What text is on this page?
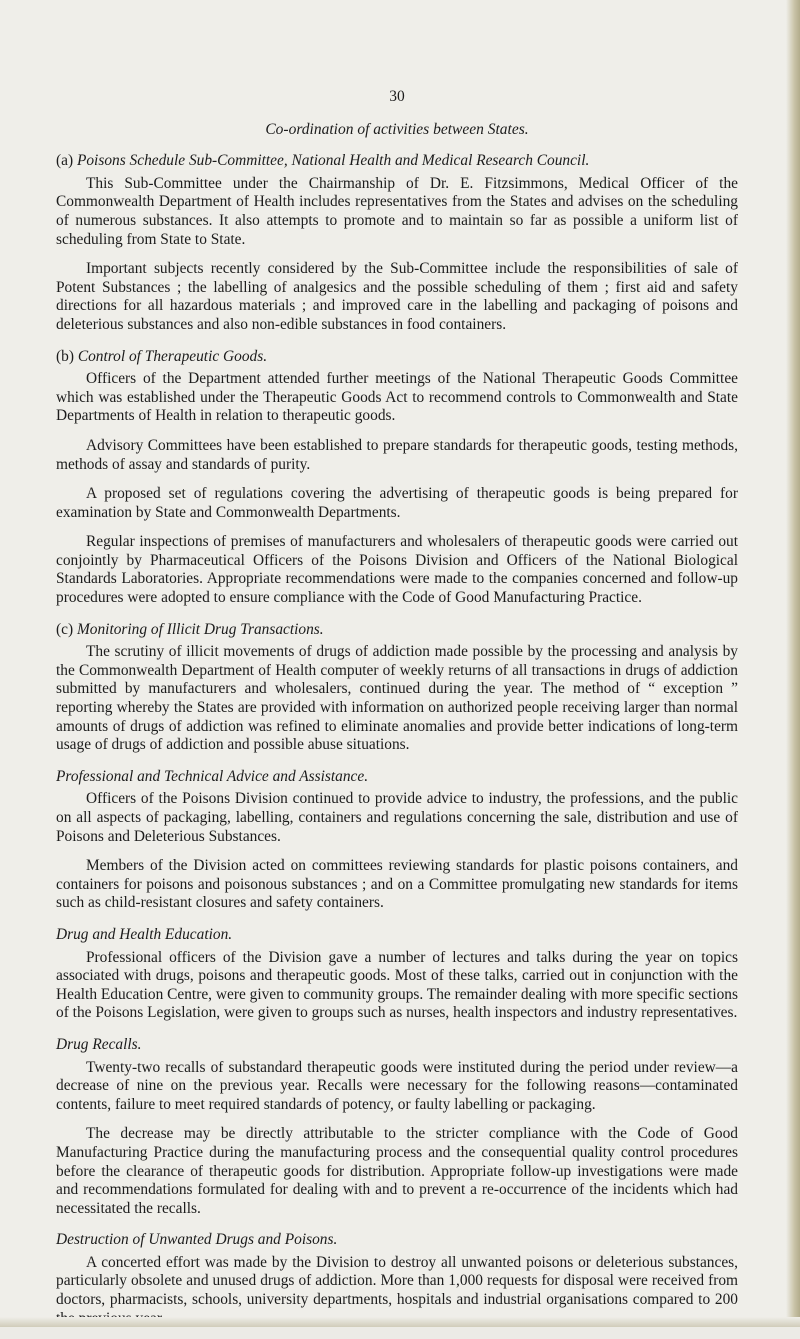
30
Co-ordination of activities between States.
(a) Poisons Schedule Sub-Committee, National Health and Medical Research Council.

This Sub-Committee under the Chairmanship of Dr. E. Fitzsimmons, Medical Officer of the Commonwealth Department of Health includes representatives from the States and advises on the scheduling of numerous substances. It also attempts to promote and to maintain so far as possible a uniform list of scheduling from State to State.

Important subjects recently considered by the Sub-Committee include the responsibilities of sale of Potent Substances ; the labelling of analgesics and the possible scheduling of them ; first aid and safety directions for all hazardous materials ; and improved care in the labelling and packaging of poisons and deleterious substances and also non-edible substances in food containers.

(b) Control of Therapeutic Goods.

Officers of the Department attended further meetings of the National Therapeutic Goods Committee which was established under the Therapeutic Goods Act to recommend controls to Commonwealth and State Departments of Health in relation to therapeutic goods.

Advisory Committees have been established to prepare standards for therapeutic goods, testing methods, methods of assay and standards of purity.

A proposed set of regulations covering the advertising of therapeutic goods is being prepared for examination by State and Commonwealth Departments.

Regular inspections of premises of manufacturers and wholesalers of therapeutic goods were carried out conjointly by Pharmaceutical Officers of the Poisons Division and Officers of the National Biological Standards Laboratories. Appropriate recommendations were made to the companies concerned and follow-up procedures were adopted to ensure compliance with the Code of Good Manufacturing Practice.

(c) Monitoring of Illicit Drug Transactions.

The scrutiny of illicit movements of drugs of addiction made possible by the processing and analysis by the Commonwealth Department of Health computer of weekly returns of all transactions in drugs of addiction submitted by manufacturers and wholesalers, continued during the year. The method of “ exception ” reporting whereby the States are provided with information on authorized people receiving larger than normal amounts of drugs of addiction was refined to eliminate anomalies and provide better indications of long-term usage of drugs of addiction and possible abuse situations.

Professional and Technical Advice and Assistance.

Officers of the Poisons Division continued to provide advice to industry, the professions, and the public on all aspects of packaging, labelling, containers and regulations concerning the sale, distribution and use of Poisons and Deleterious Substances.

Members of the Division acted on committees reviewing standards for plastic poisons containers, and containers for poisons and poisonous substances ; and on a Committee promulgating new standards for items such as child-resistant closures and safety containers.

Drug and Health Education.

Professional officers of the Division gave a number of lectures and talks during the year on topics associated with drugs, poisons and therapeutic goods. Most of these talks, carried out in conjunction with the Health Education Centre, were given to community groups. The remainder dealing with more specific sections of the Poisons Legislation, were given to groups such as nurses, health inspectors and industry representatives.

Drug Recalls.

Twenty-two recalls of substandard therapeutic goods were instituted during the period under review—a decrease of nine on the previous year. Recalls were necessary for the following reasons—contaminated contents, failure to meet required standards of potency, or faulty labelling or packaging.

The decrease may be directly attributable to the stricter compliance with the Code of Good Manufacturing Practice during the manufacturing process and the consequential quality control procedures before the clearance of therapeutic goods for distribution. Appropriate follow-up investigations were made and recommendations formulated for dealing with and to prevent a re-occurrence of the incidents which had necessitated the recalls.

Destruction of Unwanted Drugs and Poisons.

A concerted effort was made by the Division to destroy all unwanted poisons or deleterious substances, particularly obsolete and unused drugs of addiction. More than 1,000 requests for disposal were received from doctors, pharmacists, schools, university departments, hospitals and industrial organisations compared to 200
